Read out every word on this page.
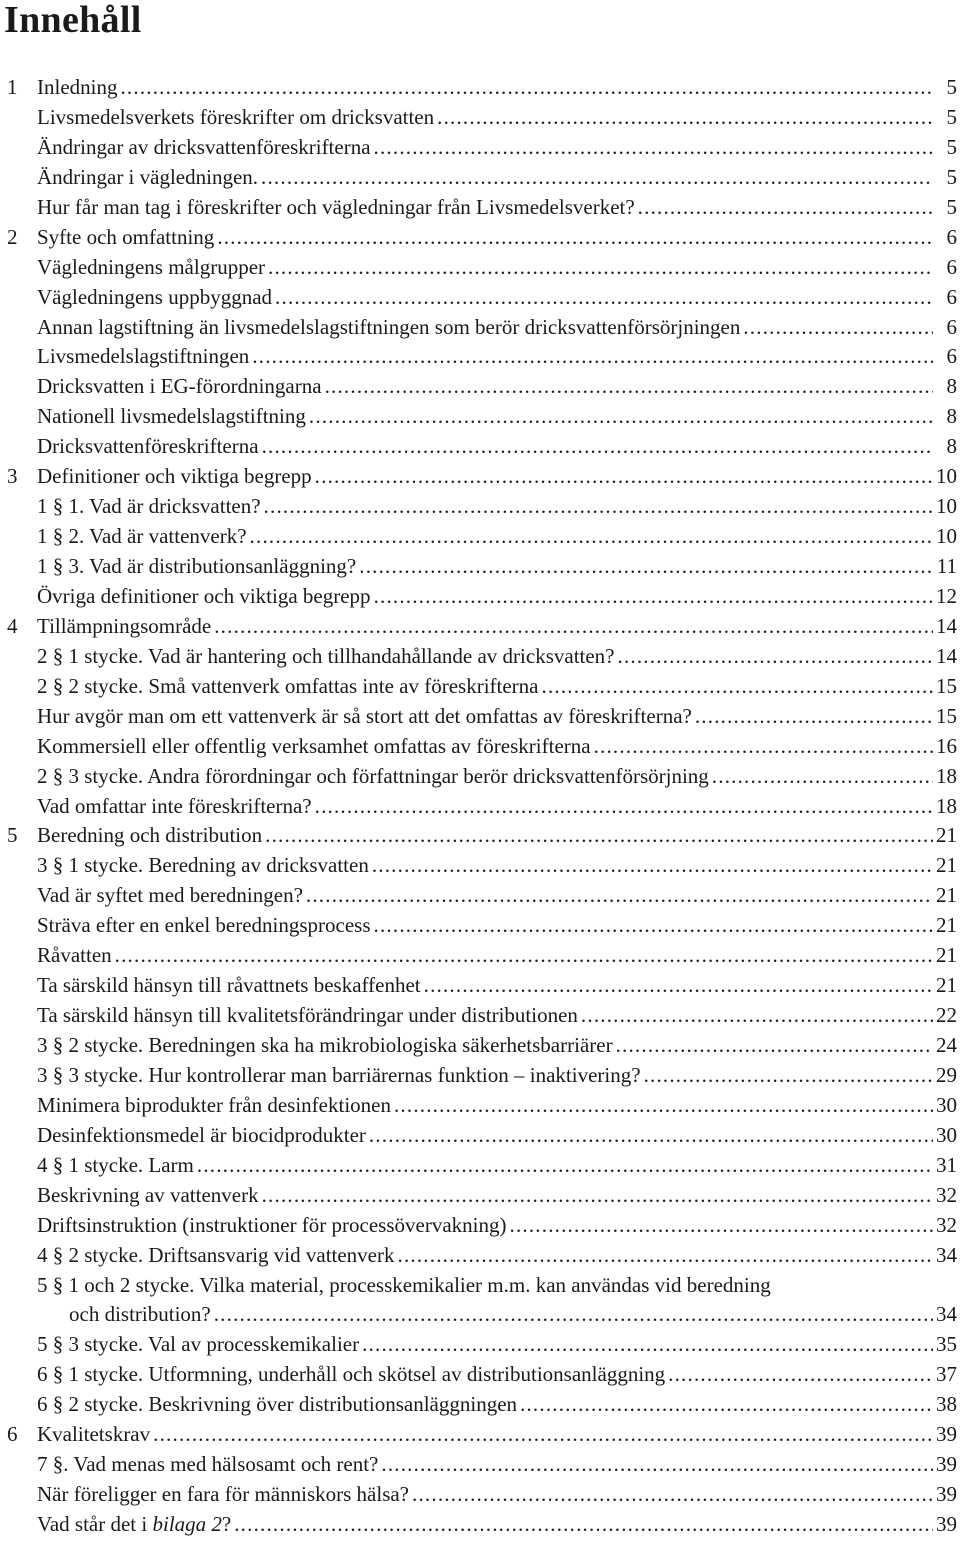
Innehåll
1 Inledning .....	5
Livsmedelsverkets föreskrifter om dricksvatten .....	5
Ändringar av dricksvattenföreskrifterna .....	5
Ändringar i vägledningen. .....	5
Hur får man tag i föreskrifter och vägledningar från Livsmedelsverket? .....	5
2 Syfte och omfattning .....	6
Vägledningens målgrupper .....	6
Vägledningens uppbyggnad .....	6
Annan lagstiftning än livsmedelslagstiftningen som berör dricksvattenförsörjningen .....	6
Livsmedelslagstiftningen .....	6
Dricksvatten i EG-förordningarna .....	8
Nationell livsmedelslagstiftning .....	8
Dricksvattenföreskrifterna .....	8
3 Definitioner och viktiga begrepp .....	10
1 § 1. Vad är dricksvatten? .....	10
1 § 2. Vad är vattenverk? .....	10
1 § 3. Vad är distributionsanläggning? .....	11
Övriga definitioner och viktiga begrepp .....	12
4 Tillämpningsområde .....	14
2 § 1 stycke. Vad är hantering och tillhandahållande av dricksvatten? .....	14
2 § 2 stycke. Små vattenverk omfattas inte av föreskrifterna .....	15
Hur avgör man om ett vattenverk är så stort att det omfattas av föreskrifterna? .....	15
Kommersiell eller offentlig verksamhet omfattas av föreskrifterna .....	16
2 § 3 stycke. Andra förordningar och författningar berör dricksvattenförsörjning .....	18
Vad omfattar inte föreskrifterna? .....	18
5 Beredning och distribution .....	21
3 § 1 stycke. Beredning av dricksvatten .....	21
Vad är syftet med beredningen? .....	21
Sträva efter en enkel beredningsprocess .....	21
Råvatten .....	21
Ta särskild hänsyn till råvattnets beskaffenhet .....	21
Ta särskild hänsyn till kvalitetsförändringar under distributionen .....	22
3 § 2 stycke. Beredningen ska ha mikrobiologiska säkerhetsbarriärer .....	24
3 § 3 stycke. Hur kontrollerar man barriärernas funktion – inaktivering? .....	29
Minimera biprodukter från desinfektionen .....	30
Desinfektionsmedel är biocidprodukter .....	30
4 § 1 stycke. Larm .....	31
Beskrivning av vattenverk .....	32
Driftsinstruktion (instruktioner för processövervakning) .....	32
4 § 2 stycke. Driftsansvarig vid vattenverk .....	34
5 § 1 och 2 stycke. Vilka material, processkemikalier m.m. kan användas vid beredning
och distribution? .....	34
5 § 3 stycke. Val av processkemikalier .....	35
6 § 1 stycke. Utformning, underhåll och skötsel av distributionsanläggning .....	37
6 § 2 stycke. Beskrivning över distributionsanläggningen .....	38
6 Kvalitetskrav .....	39
7 §. Vad menas med hälsosamt och rent? .....	39
När föreligger en fara för människors hälsa? .....	39
Vad står det i bilaga 2? .....	39
